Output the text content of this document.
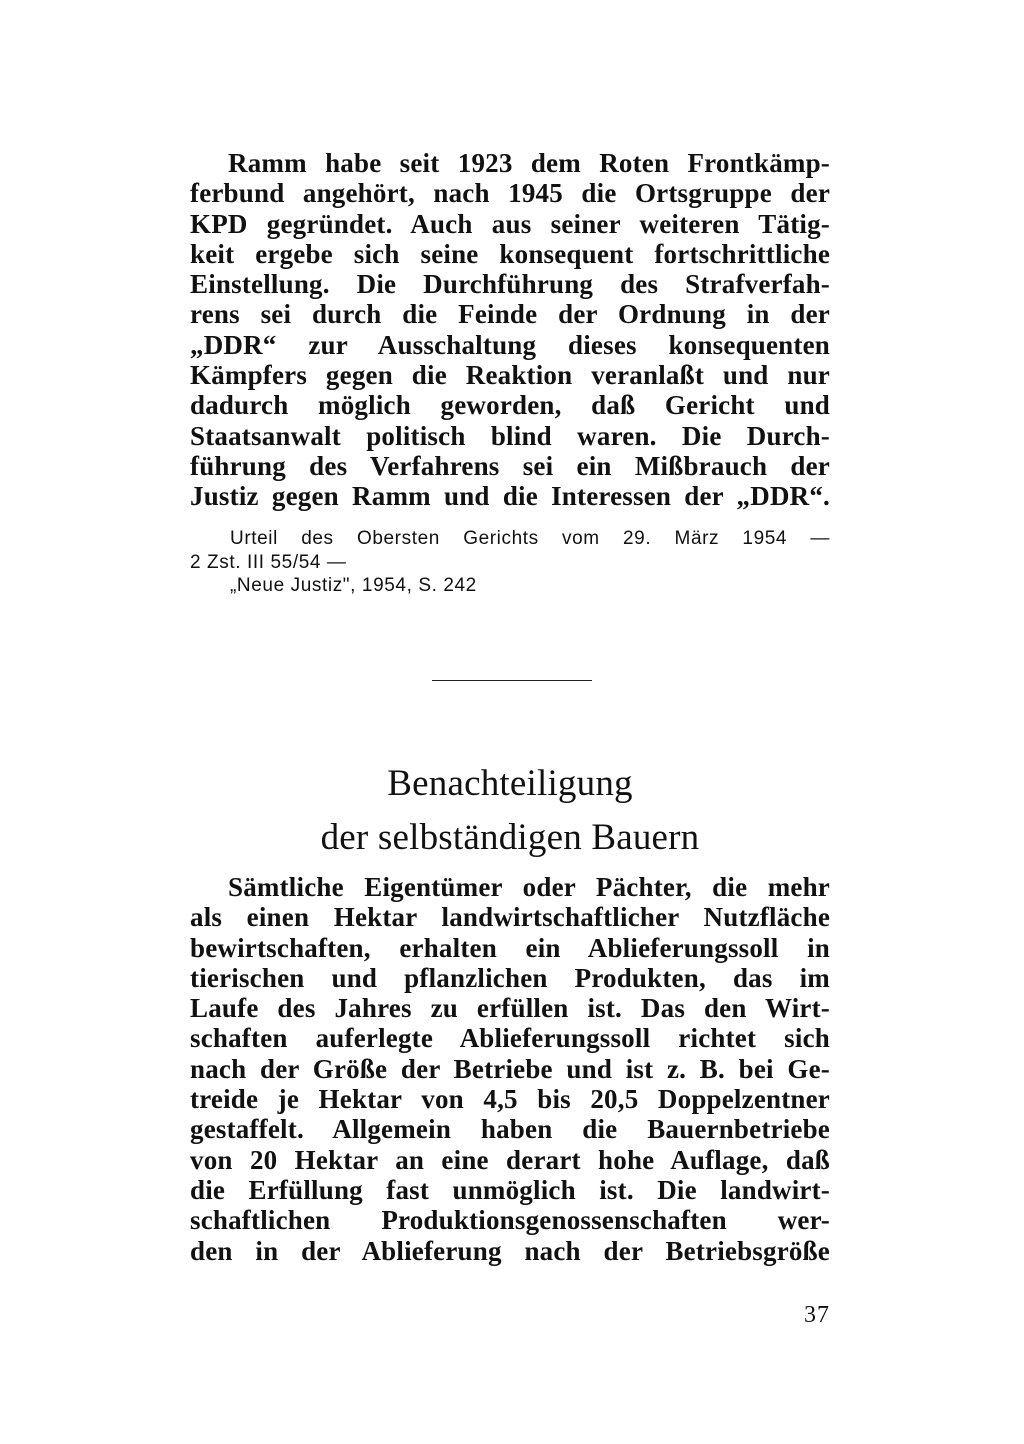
Ramm habe seit 1923 dem Roten Frontkämp-
ferbund angehört, nach 1945 die Ortsgruppe der
KPD gegründet. Auch aus seiner weiteren Tätig-
keit ergebe sich seine konsequent fortschrittliche
Einstellung. Die Durchführung des Strafverfah-
rens sei durch die Feinde der Ordnung in der
„DDR“ zur Ausschaltung dieses konsequenten
Kämpfers gegen die Reaktion veranlaßt und nur
dadurch möglich geworden, daß Gericht und
Staatsanwalt politisch blind waren. Die Durch-
führung des Verfahrens sei ein Mißbrauch der
Justiz gegen Ramm und die Interessen der „DDR“.
Urteil des Obersten Gerichts vom 29. März 1954 —
2 Zst. III 55/54 —
„Neue Justiz", 1954, S. 242
Benachteiligung
der selbständigen Bauern
Sämtliche Eigentümer oder Pächter, die mehr
als einen Hektar landwirtschaftlicher Nutzfläche
bewirtschaften, erhalten ein Ablieferungssoll in
tierischen und pflanzlichen Produkten, das im
Laufe des Jahres zu erfüllen ist. Das den Wirt-
schaften auferlegte Ablieferungssoll richtet sich
nach der Größe der Betriebe und ist z. B. bei Ge-
treide je Hektar von 4,5 bis 20,5 Doppelzentner
gestaffelt. Allgemein haben die Bauernbetriebe
von 20 Hektar an eine derart hohe Auflage, daß
die Erfüllung fast unmöglich ist. Die landwirt-
schaftlichen Produktionsgenossenschaften wer-
den in der Ablieferung nach der Betriebsgröße
37
